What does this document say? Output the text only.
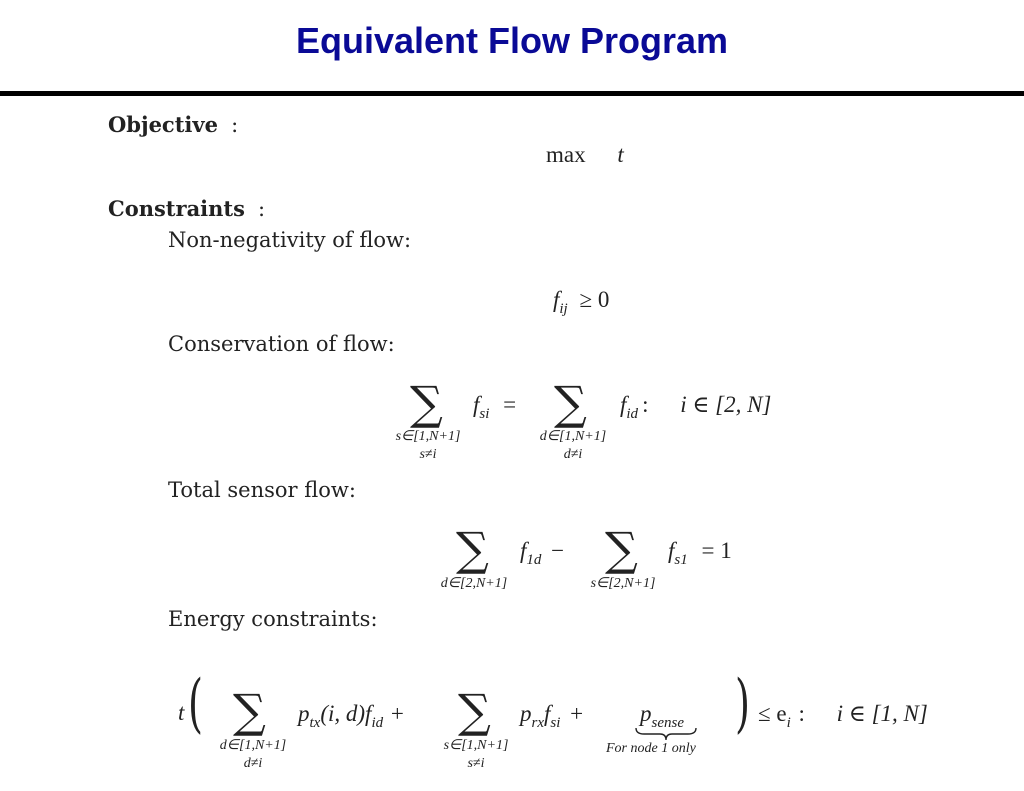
Equivalent Flow Program
Objective :
max t
Constraints :
Non-negativity of flow:
$f_{ij} \ge 0$
Conservation of flow:
∑
s∈[1,N+1]
s≠i
$f_{si}$ = ∑
d∈[1,N+1]
d≠i
$f_{id}$ : i ∈ [2, N]
Total sensor flow:
∑
d∈[2,N+1]
$f_{1d}$ − ∑
s∈[2,N+1]
$f_{s1} = 1$
Energy constraints:
t ( ∑
d∈[1,N+1]
d≠i
$p_{tx}(i$, $d)f_{id}$ + ∑
s∈[1,N+1]
s≠i
$p_{rx}f_{si} + p_{sense}$
For node 1 only
) ≤ $e_i$ : i ∈ [1, N]
